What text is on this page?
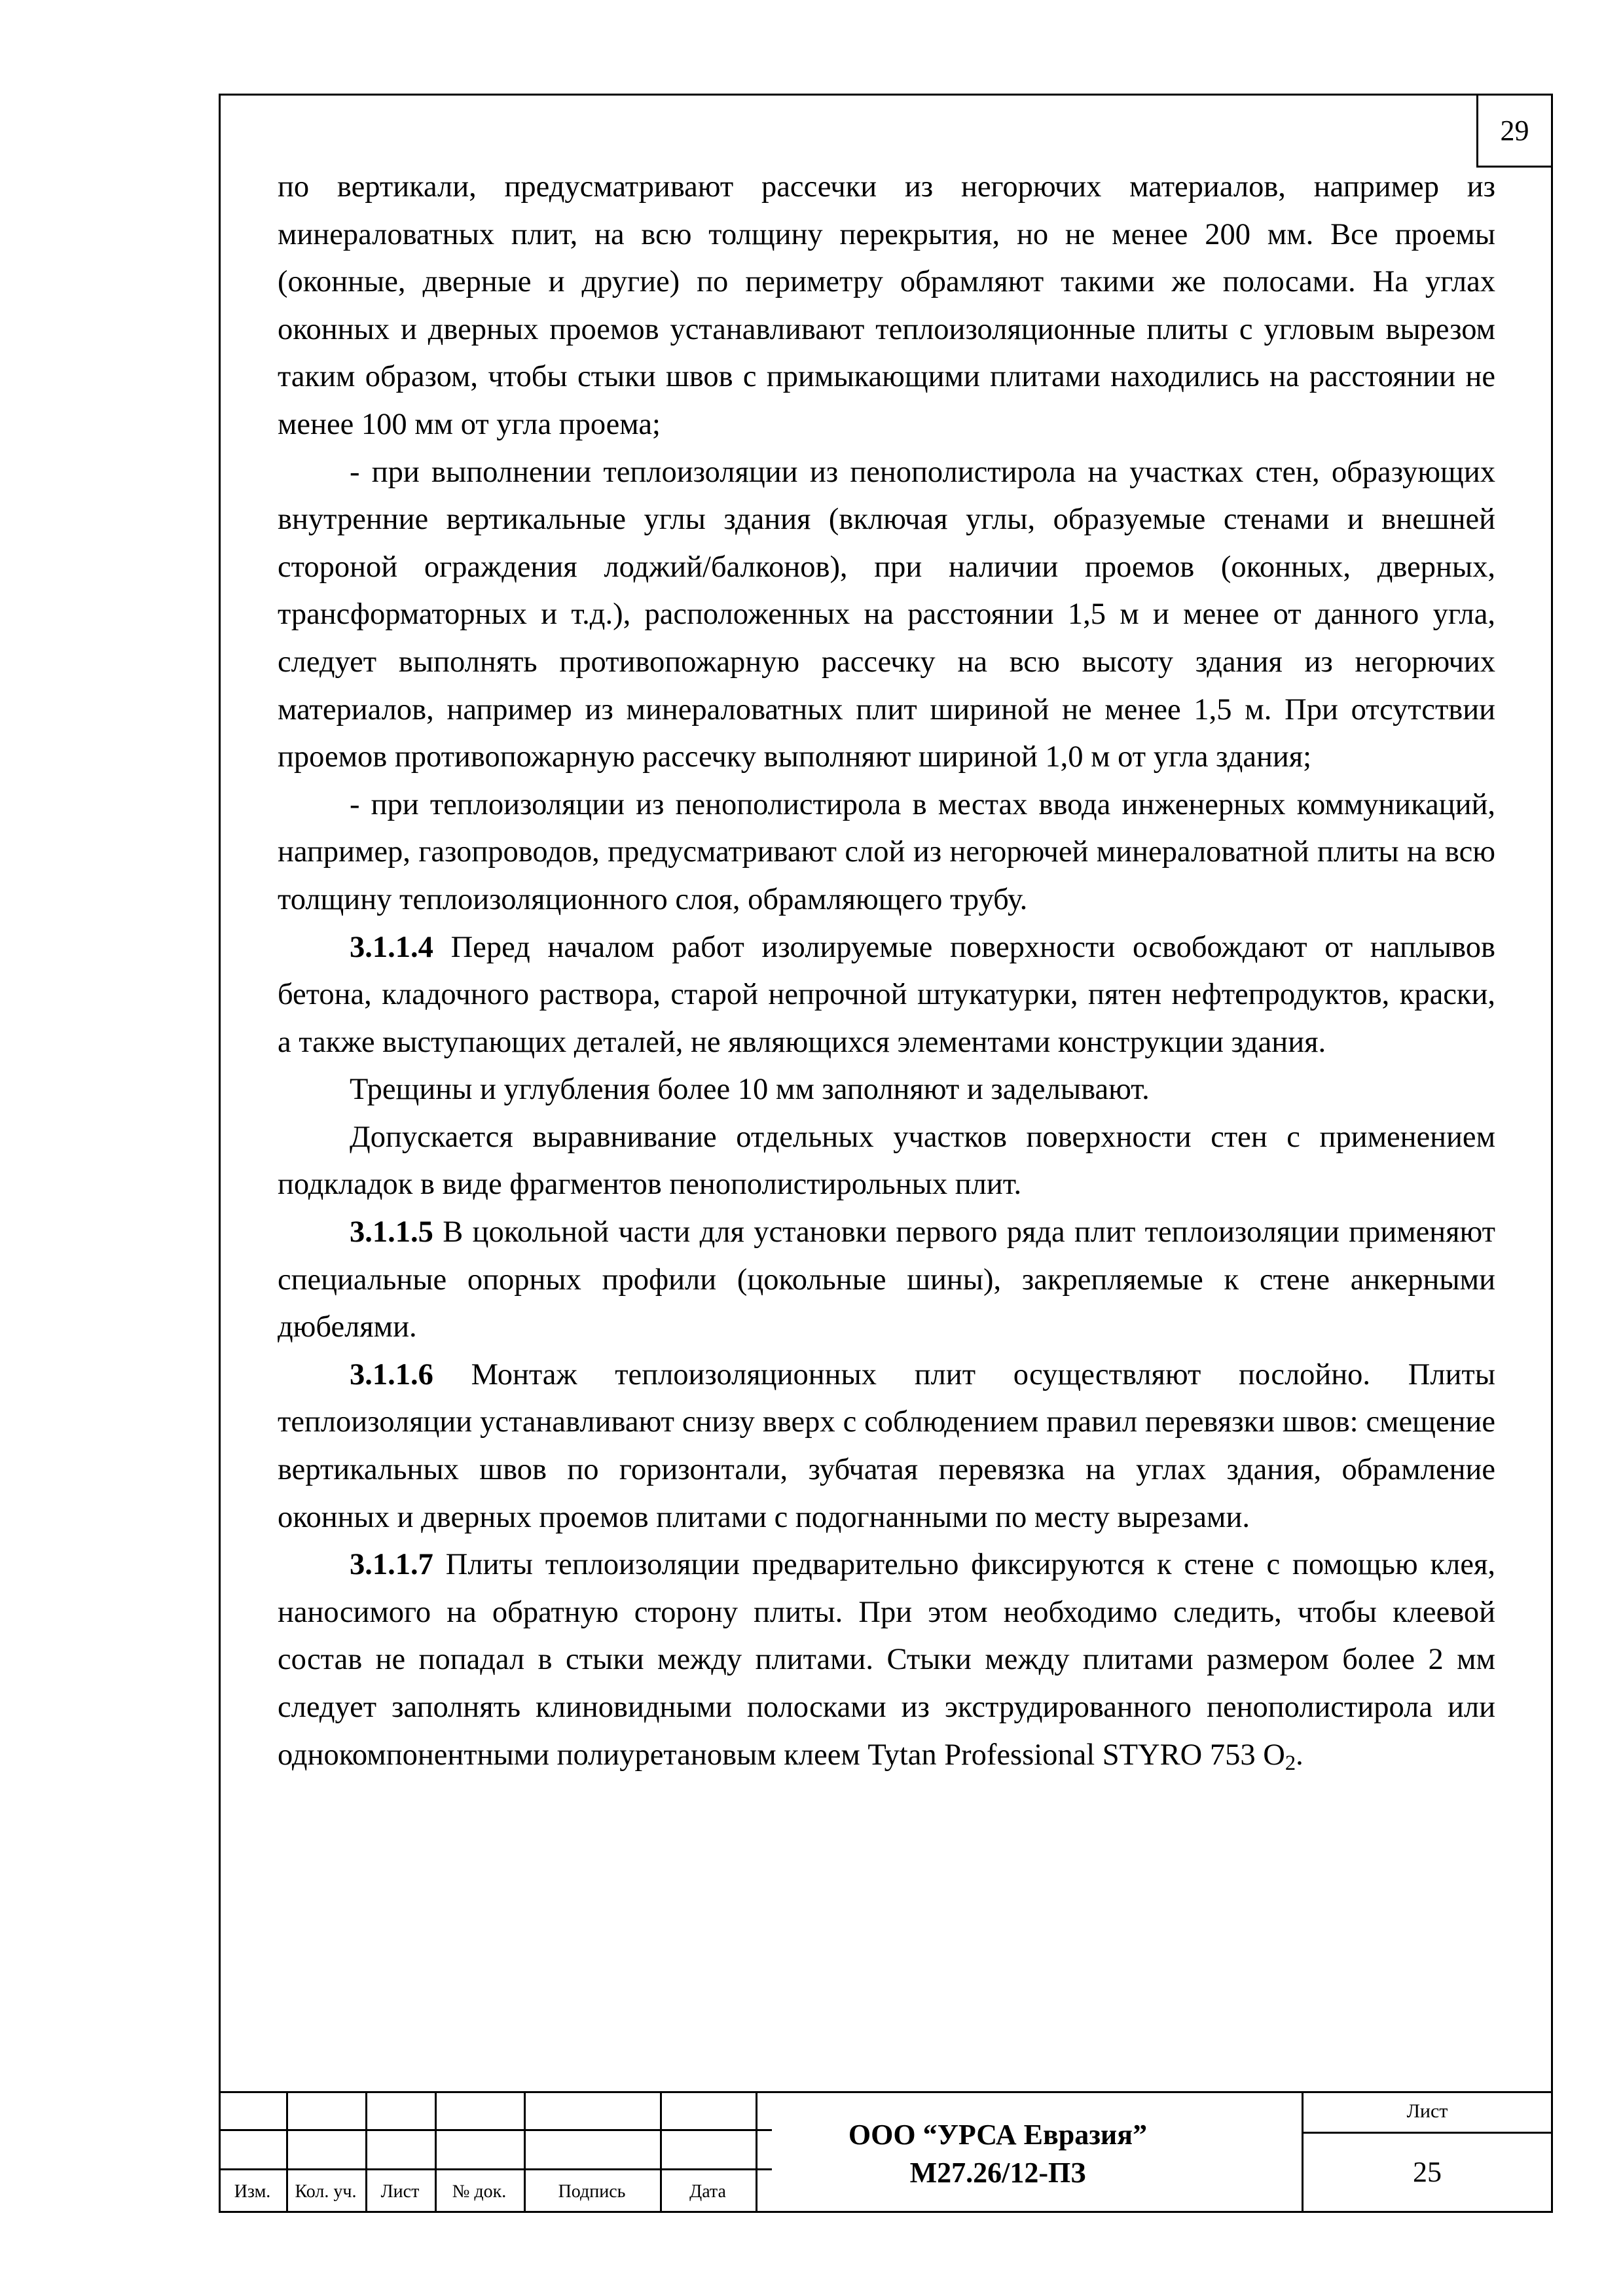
29

по вертикали, предусматривают рассечки из негорючих материалов, например из минераловатных плит, на всю толщину перекрытия, но не менее 200 мм. Все проемы (оконные, дверные и другие) по периметру обрамляют такими же полосами. На углах оконных и дверных проемов устанавливают теплоизоляционные плиты с угловым вырезом таким образом, чтобы стыки швов с примыкающими плитами находились на расстоянии не менее 100 мм от угла проема;

- при выполнении теплоизоляции из пенополистирола на участках стен, образующих внутренние вертикальные углы здания (включая углы, образуемые стенами и внешней стороной ограждения лоджий/балконов), при наличии проемов (оконных, дверных, трансформаторных и т.д.), расположенных на расстоянии 1,5 м и менее от данного угла, следует выполнять противопожарную рассечку на всю высоту здания из негорючих материалов, например из минераловатных плит шириной не менее 1,5 м. При отсутствии проемов противопожарную рассечку выполняют шириной 1,0 м от угла здания;

- при теплоизоляции из пенополистирола в местах ввода инженерных коммуникаций, например, газопроводов, предусматривают слой из негорючей минераловатной плиты на всю толщину теплоизоляционного слоя, обрамляющего трубу.

3.1.1.4 Перед началом работ изолируемые поверхности освобождают от наплывов бетона, кладочного раствора, старой непрочной штукатурки, пятен нефтепродуктов, краски, а также выступающих деталей, не являющихся элементами конструкции здания.

Трещины и углубления более 10 мм заполняют и заделывают.

Допускается выравнивание отдельных участков поверхности стен с применением подкладок в виде фрагментов пенополистирольных плит.

3.1.1.5 В цокольной части для установки первого ряда плит теплоизоляции применяют специальные опорных профили (цокольные шины), закрепляемые к стене анкерными дюбелями.

3.1.1.6 Монтаж теплоизоляционных плит осуществляют послойно. Плиты теплоизоляции устанавливают снизу вверх с соблюдением правил перевязки швов: смещение вертикальных швов по горизонтали, зубчатая перевязка на углах здания, обрамление оконных и дверных проемов плитами с подогнанными по месту вырезами.

3.1.1.7 Плиты теплоизоляции предварительно фиксируются к стене с помощью клея, наносимого на обратную сторону плиты. При этом необходимо следить, чтобы клеевой состав не попадал в стыки между плитами. Стыки между плитами размером более 2 мм следует заполнять клиновидными полосками из экструдированного пенополистирола или однокомпонентными полиуретановым клеем Tytan Professional STYRO 753 $O_2$.

Изм.	Кол. уч.	Лист	№ док.	Подпись	Дата
ООО “УРСА Евразия”
М27.26/12-ПЗ
Лист
25
